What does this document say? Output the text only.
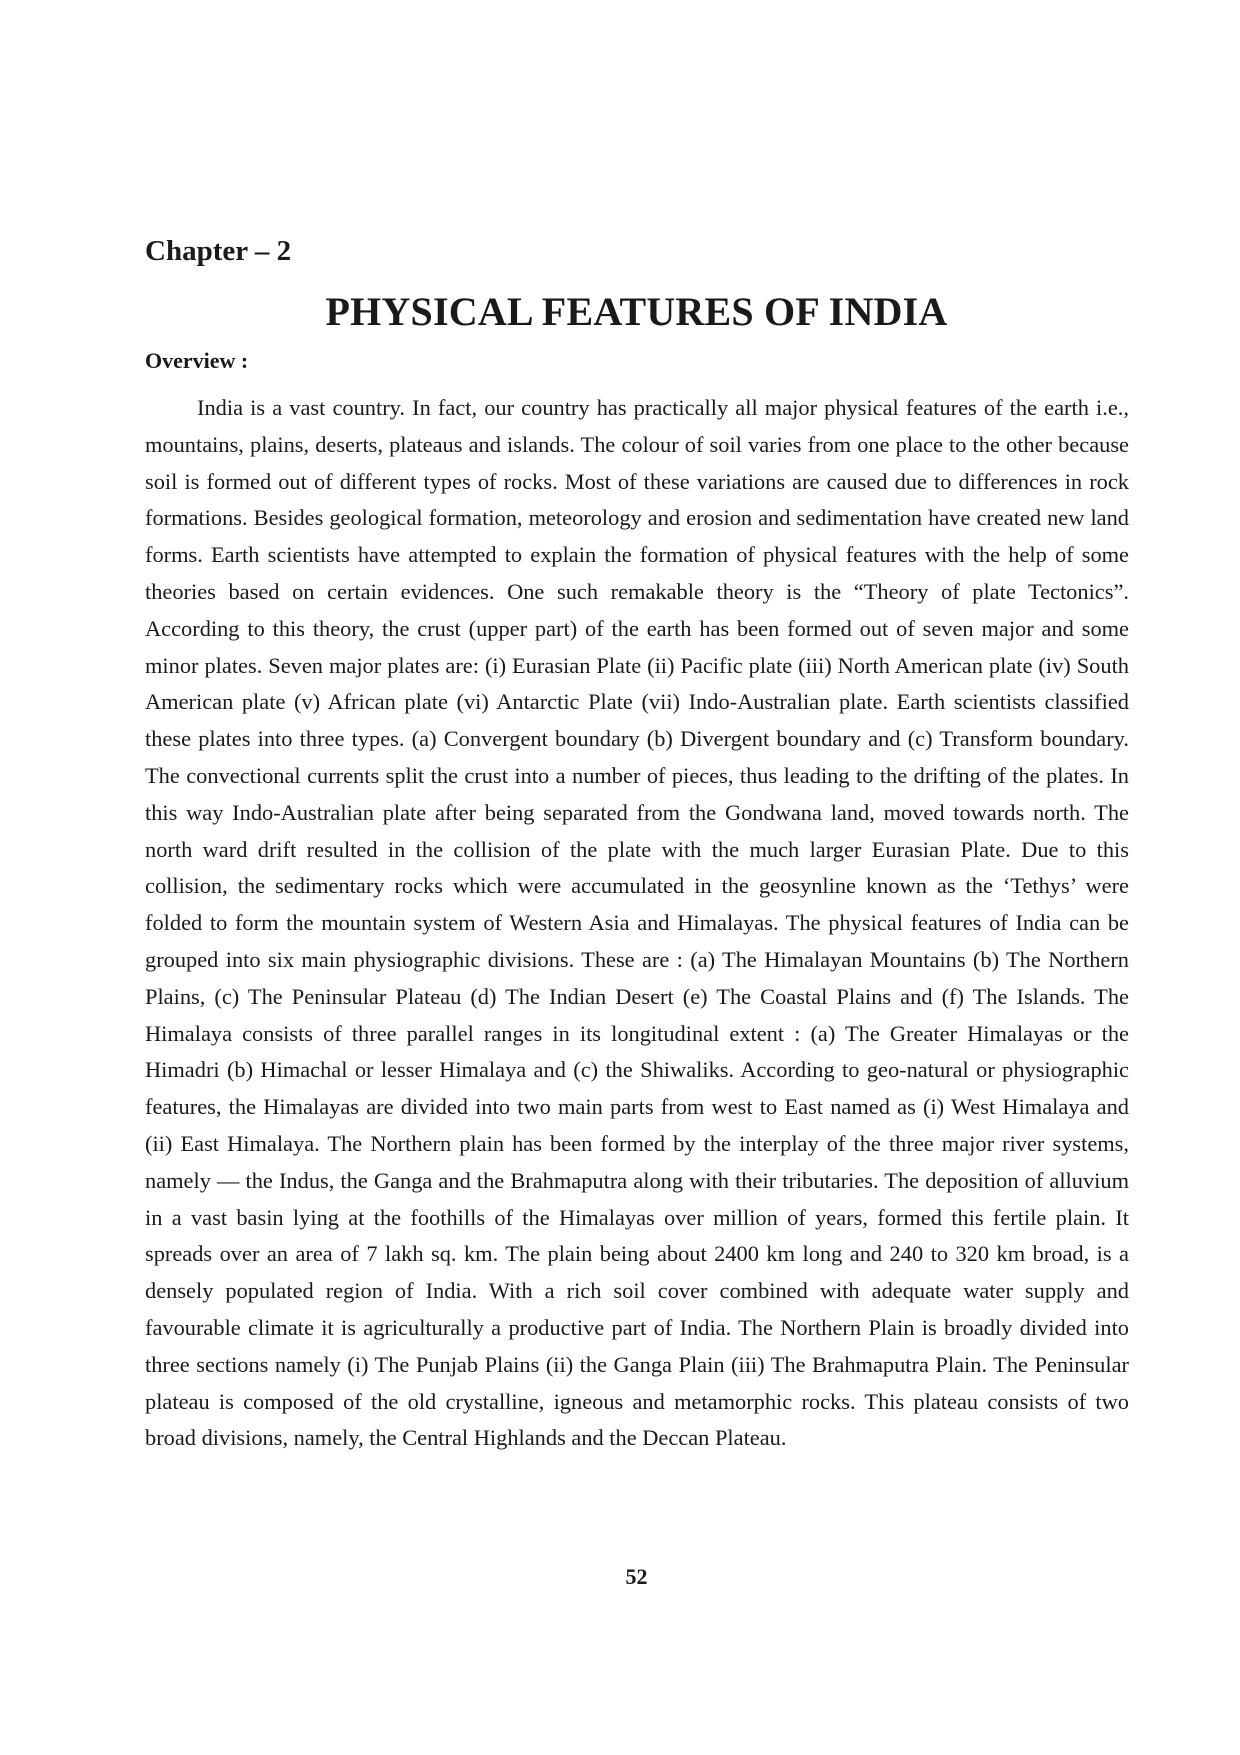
Chapter – 2
PHYSICAL FEATURES OF INDIA
Overview :

India is a vast country. In fact, our country has practically all major physical features of the earth i.e., mountains, plains, deserts, plateaus and islands. The colour of soil varies from one place to the other because soil is formed out of different types of rocks. Most of these variations are caused due to differences in rock formations. Besides geological formation, meteorology and erosion and sedimentation have created new land forms. Earth scientists have attempted to explain the formation of physical features with the help of some theories based on certain evidences. One such remakable theory is the “Theory of plate Tectonics”. According to this theory, the crust (upper part) of the earth has been formed out of seven major and some minor plates. Seven major plates are: (i) Eurasian Plate (ii) Pacific plate (iii) North American plate (iv) South American plate (v) African plate (vi) Antarctic Plate (vii) Indo-Australian plate. Earth scientists classified these plates into three types. (a) Convergent boundary (b) Divergent boundary and (c) Transform boundary. The convectional currents split the crust into a number of pieces, thus leading to the drifting of the plates. In this way Indo-Australian plate after being separated from the Gondwana land, moved towards north. The north ward drift resulted in the collision of the plate with the much larger Eurasian Plate. Due to this collision, the sedimentary rocks which were accumulated in the geosynline known as the ‘Tethys’ were folded to form the mountain system of Western Asia and Himalayas. The physical features of India can be grouped into six main physiographic divisions. These are : (a) The Himalayan Mountains (b) The Northern Plains, (c) The Peninsular Plateau (d) The Indian Desert (e) The Coastal Plains and (f) The Islands. The Himalaya consists of three parallel ranges in its longitudinal extent : (a) The Greater Himalayas or the Himadri (b) Himachal or lesser Himalaya and (c) the Shiwaliks. According to geo-natural or physiographic features, the Himalayas are divided into two main parts from west to East named as (i) West Himalaya and (ii) East Himalaya. The Northern plain has been formed by the interplay of the three major river systems, namely — the Indus, the Ganga and the Brahmaputra along with their tributaries. The deposition of alluvium in a vast basin lying at the foothills of the Himalayas over million of years, formed this fertile plain. It spreads over an area of 7 lakh sq. km. The plain being about 2400 km long and 240 to 320 km broad, is a densely populated region of India. With a rich soil cover combined with adequate water supply and favourable climate it is agriculturally a productive part of India. The Northern Plain is broadly divided into three sections namely (i) The Punjab Plains (ii) the Ganga Plain (iii) The Brahmaputra Plain. The Peninsular plateau is composed of the old crystalline, igneous and metamorphic rocks. This plateau consists of two broad divisions, namely, the Central Highlands and the Deccan Plateau.

52
